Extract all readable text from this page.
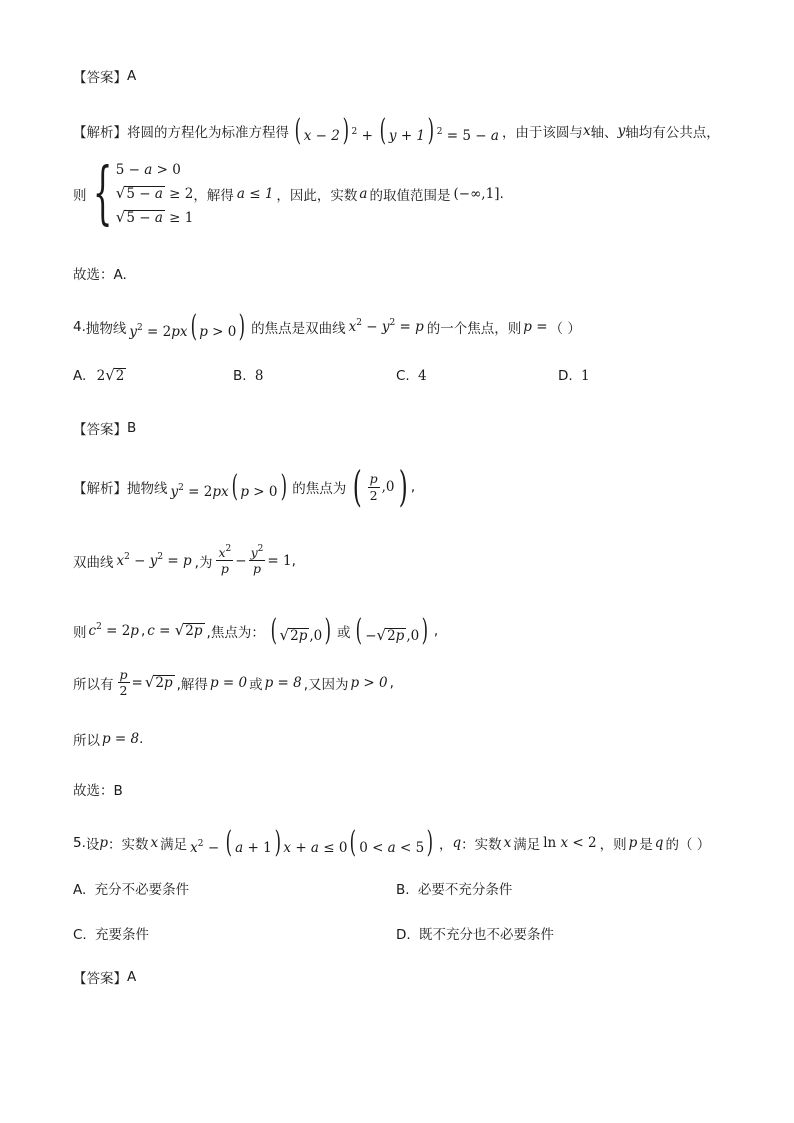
【答案】 A
【解析】 将圆的方程化为标准方程得 ( x − 2) $^2$ + ( y + 1) $^2$ = 5 − a ，由于该圆与 x 轴、 y 轴均有公共点，
则 { 5 − a > 0
√ 5 − a ≥ 2
√ 5 − a ≥ 1
，解得 a ≤ 1 ，因此，实数 a 的取值范围是 (−∞,1] .
故选：A.
4. 抛物线 $y^2 = 2px$( p > 0) 的焦点是双曲线 $x^2 - y^2 = p$ 的一个焦点，则 p = （ ）
A. 2 √ 2	B. 8	C. 4	D. 1
【答案】 B
【解析】 抛物线 $y^2 = 2px$( p > 0) 的焦点为 ( $\frac{p}{2} ,0$ ) ,
双曲线 $x^2 - y^2 = p$ ,为 $\frac{x^2}{p} - \frac{y^2}{p} = 1$ ,
则 $c^2 = 2p$ , c = √ 2p ,焦点为： ( √ 2p ,0) 或 ( − √ 2p ,0) ,
所以有 $\frac{p}{2}$ = √ 2p ,解得 p = 0 或 p = 8 ,又因为 p > 0 ,
所以 p = 8 .
故选：B
5. 设 p ：实数 x 满足 $x^2$ − ( a + 1) x + a ≤ 0( 0 < a < 5) ， q ：实数 x 满足 ln x < 2 ，则 p 是 q 的（ ）
A. 充分不必要条件	B. 必要不充分条件
C. 充要条件	D. 既不充分也不必要条件
【答案】 A
